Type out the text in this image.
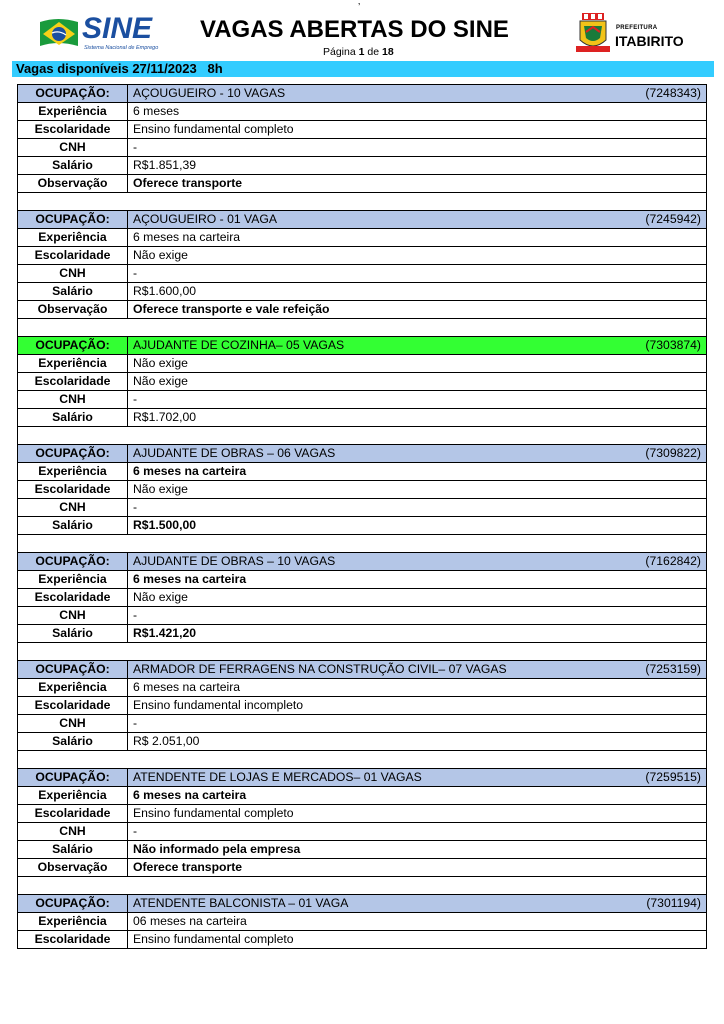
’
SINE
Sistema Nacional de Emprego
VAGAS ABERTAS DO SINE
Página 1 de 18
PREFEITURA
ITABIRITO
Vagas disponíveis 27/11/2023   8h
OCUPAÇÃO:	AÇOUGUEIRO - 10 VAGAS (7248343)

Experiência	6 meses
Escolaridade	Ensino fundamental completo
CNH	-
Salário	R$1.851,39
Observação	Oferece transporte

OCUPAÇÃO:	AÇOUGUEIRO - 01 VAGA (7245942)

Experiência	6 meses na carteira
Escolaridade	Não exige
CNH	-
Salário	R$1.600,00
Observação	Oferece transporte e vale refeição

OCUPAÇÃO:	AJUDANTE DE COZINHA– 05 VAGAS (7303874)

Experiência	Não exige
Escolaridade	Não exige
CNH	-
Salário	R$1.702,00

OCUPAÇÃO:	AJUDANTE DE OBRAS – 06 VAGAS (7309822)

Experiência	6 meses na carteira
Escolaridade	Não exige
CNH	-
Salário	R$1.500,00

OCUPAÇÃO:	AJUDANTE DE OBRAS – 10 VAGAS (7162842)

Experiência	6 meses na carteira
Escolaridade	Não exige
CNH	-
Salário	R$1.421,20

OCUPAÇÃO:	ARMADOR DE FERRAGENS NA CONSTRUÇÃO CIVIL– 07 VAGAS (7253159)

Experiência	6 meses na carteira
Escolaridade	Ensino fundamental incompleto
CNH	-
Salário	R$ 2.051,00

OCUPAÇÃO:	ATENDENTE DE LOJAS E MERCADOS– 01 VAGAS (7259515)

Experiência	6 meses na carteira
Escolaridade	Ensino fundamental completo
CNH	-
Salário	Não informado pela empresa
Observação	Oferece transporte

OCUPAÇÃO:	ATENDENTE BALCONISTA – 01 VAGA (7301194)

Experiência	06 meses na carteira
Escolaridade	Ensino fundamental completo
